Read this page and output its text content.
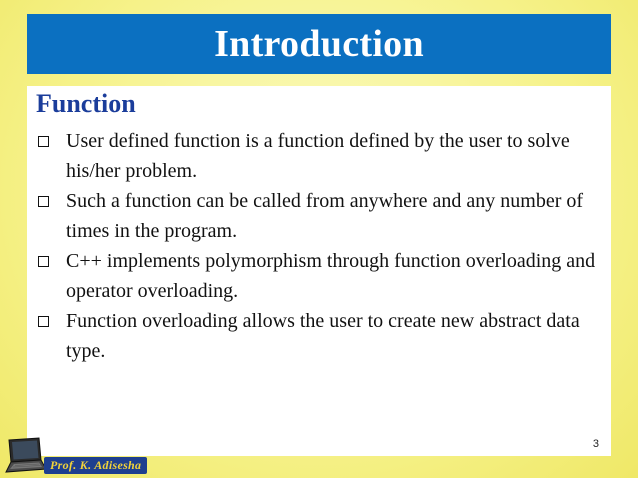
Introduction
Function
User defined function is a function defined by the user to solve his/her problem.
Such a function can be called from anywhere and any number of times in the program.
C++ implements polymorphism through function overloading and operator overloading.
Function overloading allows the user to create new abstract data type.
3
Prof. K. Adisesha
